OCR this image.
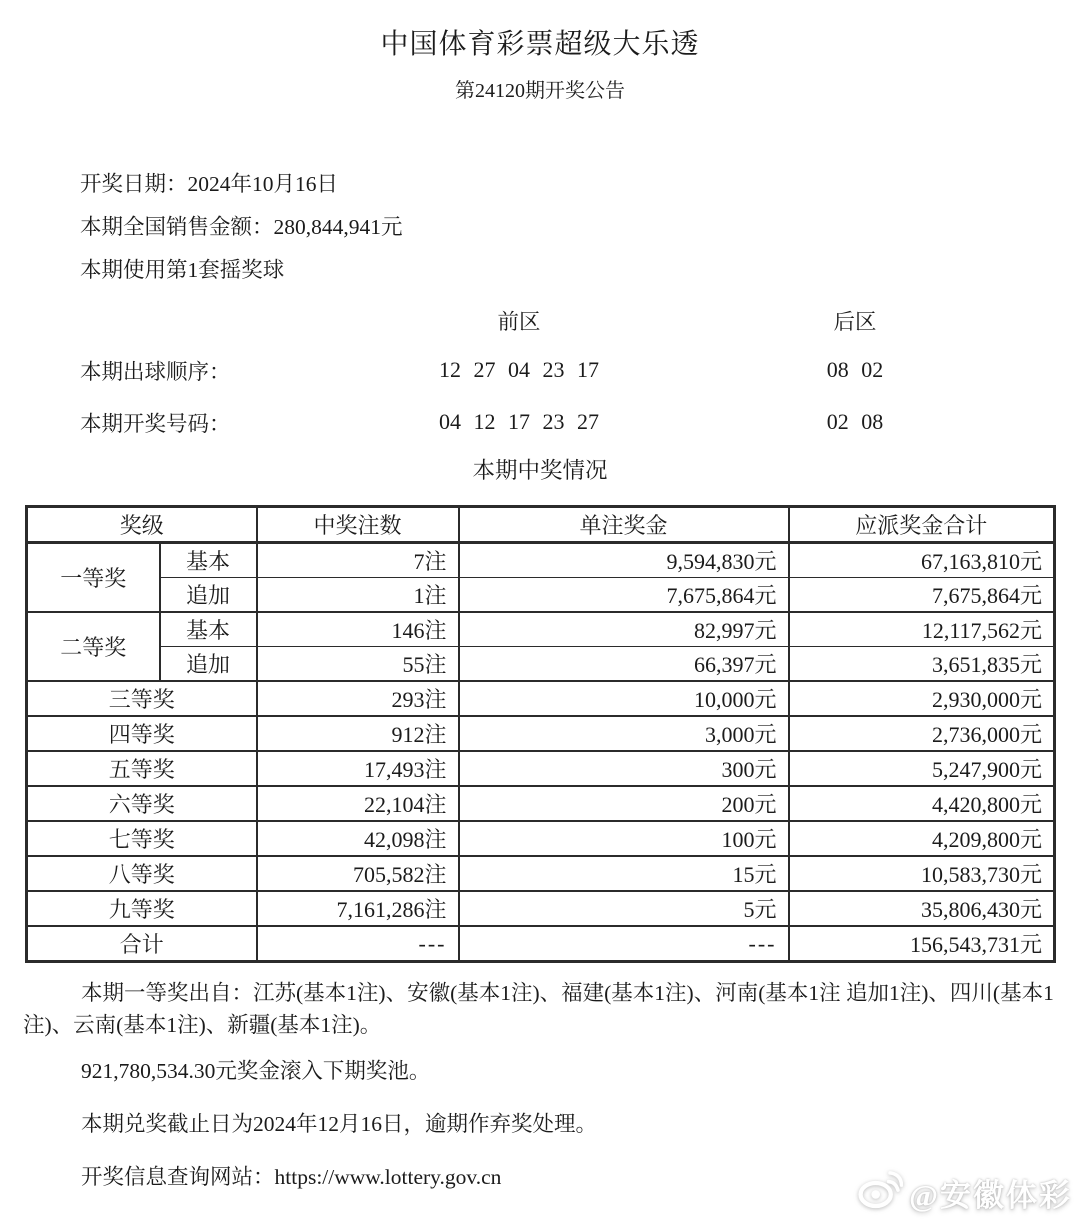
中国体育彩票超级大乐透
第24120期开奖公告
开奖日期：2024年10月16日
本期全国销售金额：280,844,941元
本期使用第1套摇奖球
前区	后区
本期出球顺序：	12 27 04 23 17	08 02
本期开奖号码：	04 12 17 23 27	02 08
本期中奖情况
奖级		中奖注数	单注奖金	应派奖金合计
一等奖	基本	7注	9,594,830元	67,163,810元
	追加	1注	7,675,864元	7,675,864元
二等奖	基本	146注	82,997元	12,117,562元
	追加	55注	66,397元	3,651,835元
三等奖		293注	10,000元	2,930,000元
四等奖		912注	3,000元	2,736,000元
五等奖		17,493注	300元	5,247,900元
六等奖		22,104注	200元	4,420,800元
七等奖		42,098注	100元	4,209,800元
八等奖		705,582注	15元	10,583,730元
九等奖		7,161,286注	5元	35,806,430元
合计		---	---	156,543,731元

本期一等奖出自：江苏(基本1注)、安徽(基本1注)、福建(基本1注)、河南(基本1注 追加1注)、四川(基本1注)、云南(基本1注)、新疆(基本1注)。

921,780,534.30元奖金滚入下期奖池。

本期兑奖截止日为2024年12月16日，逾期作弃奖处理。

开奖信息查询网站：https://www.lottery.gov.cn

@安徽体彩
